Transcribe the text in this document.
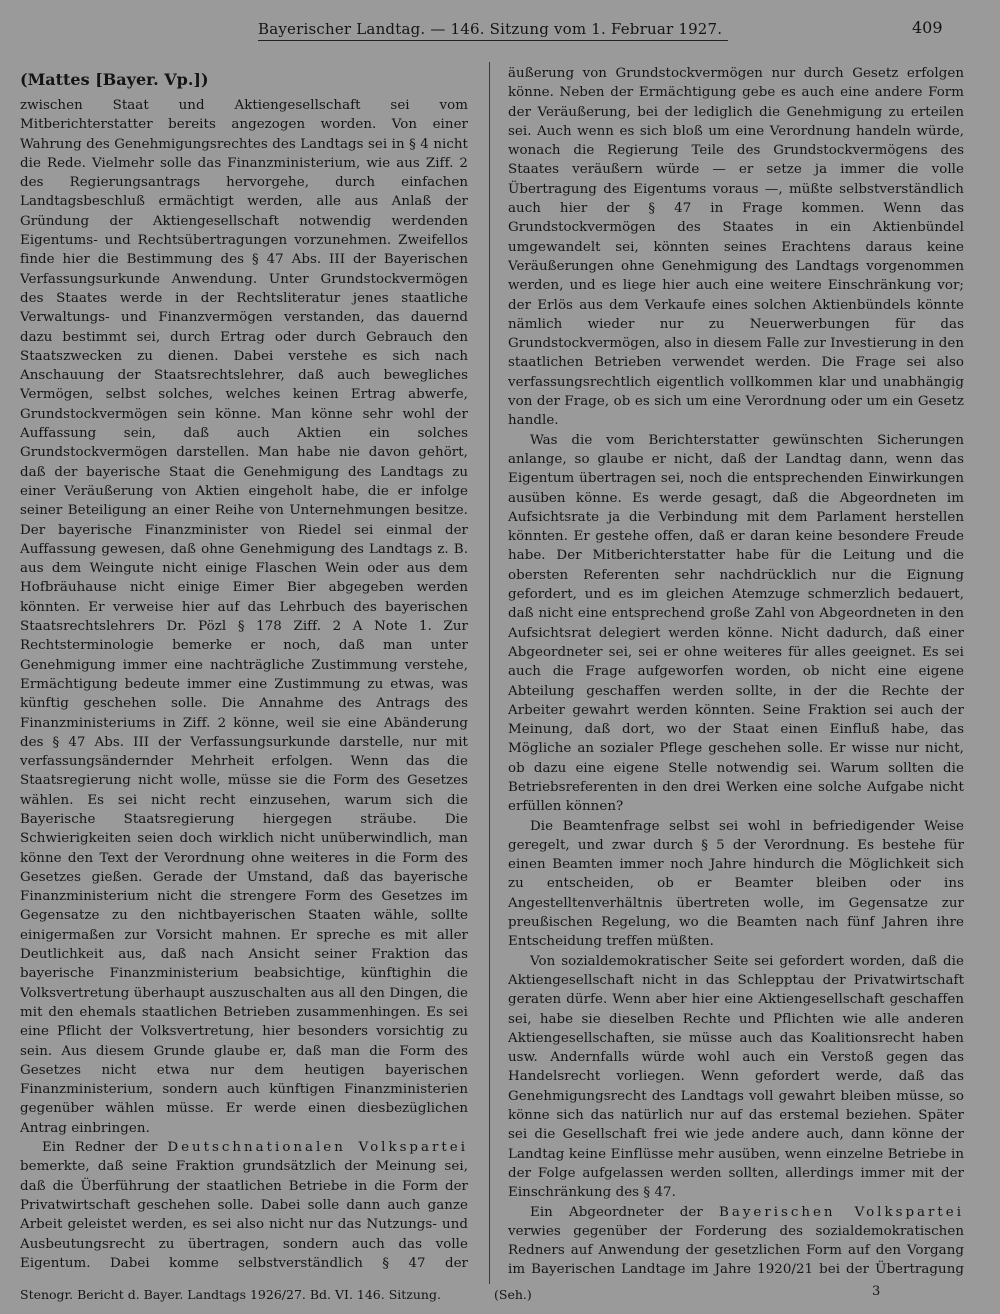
Bayerischer Landtag. — 146. Sitzung vom 1. Februar 1927.	409
(Mattes [Bayer. Vp.])

zwischen Staat und Aktiengesellschaft sei vom Mitberichterstatter bereits angezogen worden. Von einer Wahrung des Genehmigungsrechtes des Landtags sei in § 4 nicht die Rede. Vielmehr solle das Finanzministerium, wie aus Ziff. 2 des Regierungsantrags hervorgehe, durch einfachen Landtagsbeschluß ermächtigt werden, alle aus Anlaß der Gründung der Aktiengesellschaft notwendig werdenden Eigentums- und Rechtsübertragungen vorzunehmen. Zweifellos finde hier die Bestimmung des § 47 Abs. III der Bayerischen Verfassungsurkunde Anwendung. Unter Grundstockvermögen des Staates werde in der Rechtsliteratur jenes staatliche Verwaltungs- und Finanzvermögen verstanden, das dauernd dazu bestimmt sei, durch Ertrag oder durch Gebrauch den Staatszwecken zu dienen. Dabei verstehe es sich nach Anschauung der Staatsrechtslehrer, daß auch bewegliches Vermögen, selbst solches, welches keinen Ertrag abwerfe, Grundstockvermögen sein könne. Man könne sehr wohl der Auffassung sein, daß auch Aktien ein solches Grundstockvermögen darstellen. Man habe nie davon gehört, daß der bayerische Staat die Genehmigung des Landtags zu einer Veräußerung von Aktien eingeholt habe, die er infolge seiner Beteiligung an einer Reihe von Unternehmungen besitze. Der bayerische Finanzminister von Riedel sei einmal der Auffassung gewesen, daß ohne Genehmigung des Landtags z. B. aus dem Weingute nicht einige Flaschen Wein oder aus dem Hofbräuhause nicht einige Eimer Bier abgegeben werden könnten. Er verweise hier auf das Lehrbuch des bayerischen Staatsrechtslehrers Dr. Pözl § 178 Ziff. 2 A Note 1. Zur Rechtsterminologie bemerke er noch, daß man unter Genehmigung immer eine nachträgliche Zustimmung verstehe, Ermächtigung bedeute immer eine Zustimmung zu etwas, was künftig geschehen solle. Die Annahme des Antrags des Finanzministeriums in Ziff. 2 könne, weil sie eine Abänderung des § 47 Abs. III der Verfassungsurkunde darstelle, nur mit verfassungsändernder Mehrheit erfolgen. Wenn das die Staatsregierung nicht wolle, müsse sie die Form des Gesetzes wählen. Es sei nicht recht einzusehen, warum sich die Bayerische Staatsregierung hiergegen sträube. Die Schwierigkeiten seien doch wirklich nicht unüberwindlich, man könne den Text der Verordnung ohne weiteres in die Form des Gesetzes gießen. Gerade der Umstand, daß das bayerische Finanzministerium nicht die strengere Form des Gesetzes im Gegensatze zu den nichtbayerischen Staaten wähle, sollte einigermaßen zur Vorsicht mahnen. Er spreche es mit aller Deutlichkeit aus, daß nach Ansicht seiner Fraktion das bayerische Finanzministerium beabsichtige, künftighin die Volksvertretung überhaupt auszuschalten aus all den Dingen, die mit den ehemals staatlichen Betrieben zusammenhingen. Es sei eine Pflicht der Volksvertretung, hier besonders vorsichtig zu sein. Aus diesem Grunde glaube er, daß man die Form des Gesetzes nicht etwa nur dem heutigen bayerischen Finanzministerium, sondern auch künftigen Finanzministerien gegenüber wählen müsse. Er werde einen diesbezüglichen Antrag einbringen.

Ein Redner der Deutschnationalen Volkspartei bemerkte, daß seine Fraktion grundsätzlich der Meinung sei, daß die Überführung der staatlichen Betriebe in die Form der Privatwirtschaft geschehen solle. Dabei solle dann auch ganze Arbeit geleistet werden, es sei also nicht nur das Nutzungs- und Ausbeutungsrecht zu übertragen, sondern auch das volle Eigentum. Dabei komme selbstverständlich § 47 der

äußerung von Grundstockvermögen nur durch Gesetz erfolgen könne. Neben der Ermächtigung gebe es auch eine andere Form der Veräußerung, bei der lediglich die Genehmigung zu erteilen sei. Auch wenn es sich bloß um eine Verordnung handeln würde, wonach die Regierung Teile des Grundstockvermögens des Staates veräußern würde — er setze ja immer die volle Übertragung des Eigentums voraus —, müßte selbstverständlich auch hier der § 47 in Frage kommen. Wenn das Grundstockvermögen des Staates in ein Aktienbündel umgewandelt sei, könnten seines Erachtens daraus keine Veräußerungen ohne Genehmigung des Landtags vorgenommen werden, und es liege hier auch eine weitere Einschränkung vor; der Erlös aus dem Verkaufe eines solchen Aktienbündels könnte nämlich wieder nur zu Neuerwerbungen für das Grundstockvermögen, also in diesem Falle zur Investierung in den staatlichen Betrieben verwendet werden. Die Frage sei also verfassungsrechtlich eigentlich vollkommen klar und unabhängig von der Frage, ob es sich um eine Verordnung oder um ein Gesetz handle.

Was die vom Berichterstatter gewünschten Sicherungen anlange, so glaube er nicht, daß der Landtag dann, wenn das Eigentum übertragen sei, noch die entsprechenden Einwirkungen ausüben könne. Es werde gesagt, daß die Abgeordneten im Aufsichtsrate ja die Verbindung mit dem Parlament herstellen könnten. Er gestehe offen, daß er daran keine besondere Freude habe. Der Mitberichterstatter habe für die Leitung und die obersten Referenten sehr nachdrücklich nur die Eignung gefordert, und es im gleichen Atemzuge schmerzlich bedauert, daß nicht eine entsprechend große Zahl von Abgeordneten in den Aufsichtsrat delegiert werden könne. Nicht dadurch, daß einer Abgeordneter sei, sei er ohne weiteres für alles geeignet. Es sei auch die Frage aufgeworfen worden, ob nicht eine eigene Abteilung geschaffen werden sollte, in der die Rechte der Arbeiter gewahrt werden könnten. Seine Fraktion sei auch der Meinung, daß dort, wo der Staat einen Einfluß habe, das Mögliche an sozialer Pflege geschehen solle. Er wisse nur nicht, ob dazu eine eigene Stelle notwendig sei. Warum sollten die Betriebsreferenten in den drei Werken eine solche Aufgabe nicht erfüllen können?

Die Beamtenfrage selbst sei wohl in befriedigender Weise geregelt, und zwar durch § 5 der Verordnung. Es bestehe für einen Beamten immer noch Jahre hindurch die Möglichkeit sich zu entscheiden, ob er Beamter bleiben oder ins Angestelltenverhältnis übertreten wolle, im Gegensatze zur preußischen Regelung, wo die Beamten nach fünf Jahren ihre Entscheidung treffen müßten.

Von sozialdemokratischer Seite sei gefordert worden, daß die Aktiengesellschaft nicht in das Schlepptau der Privatwirtschaft geraten dürfe. Wenn aber hier eine Aktiengesellschaft geschaffen sei, habe sie dieselben Rechte und Pflichten wie alle anderen Aktiengesellschaften, sie müsse auch das Koalitionsrecht haben usw. Andernfalls würde wohl auch ein Verstoß gegen das Handelsrecht vorliegen. Wenn gefordert werde, daß das Genehmigungsrecht des Landtags voll gewahrt bleiben müsse, so könne sich das natürlich nur auf das erstemal beziehen. Später sei die Gesellschaft frei wie jede andere auch, dann könne der Landtag keine Einflüsse mehr ausüben, wenn einzelne Betriebe in der Folge aufgelassen werden sollten, allerdings immer mit der Einschränkung des § 47.

Ein Abgeordneter der Bayerischen Volkspartei verwies gegenüber der Forderung des sozialdemokratischen Redners auf Anwendung der gesetzlichen Form auf den Vorgang im Bayerischen Landtage im Jahre 1920/21 bei der Übertragung

Stenogr. Bericht d. Bayer. Landtags 1926/27. Bd. VI. 146. Sitzung.	(Seh.)	3
